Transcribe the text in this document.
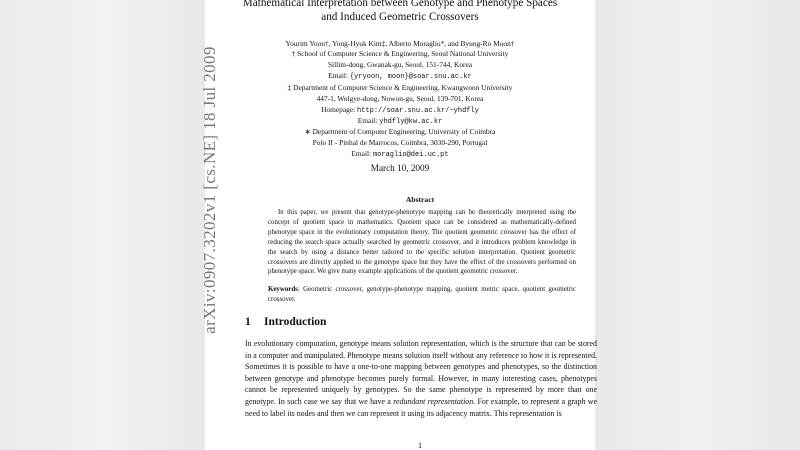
arXiv:0907.3202v1 [cs.NE] 18 Jul 2009
Mathematical Interpretation between Genotype and Phenotype Spaces
and Induced Geometric Crossovers
Yourim Yoon†, Yong-Hyuk Kim‡, Alberto Moraglio*, and Byung-Ro Moon†
† School of Computer Science & Engineering, Seoul National University
Sillim-dong, Gwanak-gu, Seoul, 151-744, Korea
Email: {yryoon, moon}@soar.snu.ac.kr
‡ Department of Computer Science & Engineering, Kwangwoon University
447-1, Wolgye-dong, Nowon-gu, Seoul, 139-701, Korea
Homepage: http://soar.snu.ac.kr/~yhdfly
Email: yhdfly@kw.ac.kr
∗ Department of Computer Engineering, University of Coimbra
Polo II - Pinhal de Marrocos, Coimbra, 3030-290, Portugal
Email: moraglio@dei.uc.pt
March 10, 2009
Abstract
In this paper, we present that genotype-phenotype mapping can be theoretically interpreted using the concept of quotient space in mathematics. Quotient space can be considered as mathematically-defined phenotype space in the evolutionary computation theory. The quotient geometric crossover has the effect of reducing the search space actually searched by geometric crossover, and it introduces problem knowledge in the search by using a distance better tailored to the specific solution interpretation. Quotient geometric crossovers are directly applied to the genotype space but they have the effect of the crossovers performed on phenotype space. We give many example applications of the quotient geometric crossover.
Keywords: Geometric crossover, genotype-phenotype mapping, quotient metric space, quotient geometric crossover.
1 Introduction
In evolutionary computation, genotype means solution representation, which is the structure that can be stored in a computer and manipulated. Phenotype means solution itself without any reference to how it is represented. Sometimes it is possible to have a one-to-one mapping between genotypes and phenotypes, so the distinction between genotype and phenotype becomes purely formal. However, in many interesting cases, phenotypes cannot be represented uniquely by genotypes. So the same phenotype is represented by more than one genotype. In such case we say that we have a redundant representation. For example, to represent a graph we need to label its nodes and then we can represent it using its adjacency matrix. This representation is
1
